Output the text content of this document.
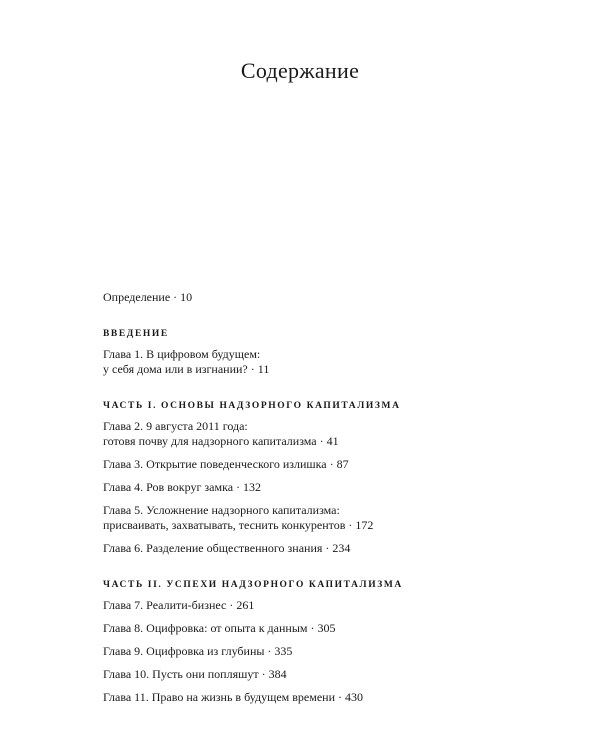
Содержание
Определение · 10
ВВЕДЕНИЕ
Глава 1. В цифровом будущем:
у себя дома или в изгнании? · 11
ЧАСТЬ I. ОСНОВЫ НАДЗОРНОГО КАПИТАЛИЗМА
Глава 2. 9 августа 2011 года:
готовя почву для надзорного капитализма · 41
Глава 3. Открытие поведенческого излишка · 87
Глава 4. Ров вокруг замка · 132
Глава 5. Усложнение надзорного капитализма:
присваивать, захватывать, теснить конкурентов · 172
Глава 6. Разделение общественного знания · 234
ЧАСТЬ II. УСПЕХИ НАДЗОРНОГО КАПИТАЛИЗМА
Глава 7. Реалити-бизнес · 261
Глава 8. Оцифровка: от опыта к данным · 305
Глава 9. Оцифровка из глубины · 335
Глава 10. Пусть они попляшут · 384
Глава 11. Право на жизнь в будущем времени · 430
